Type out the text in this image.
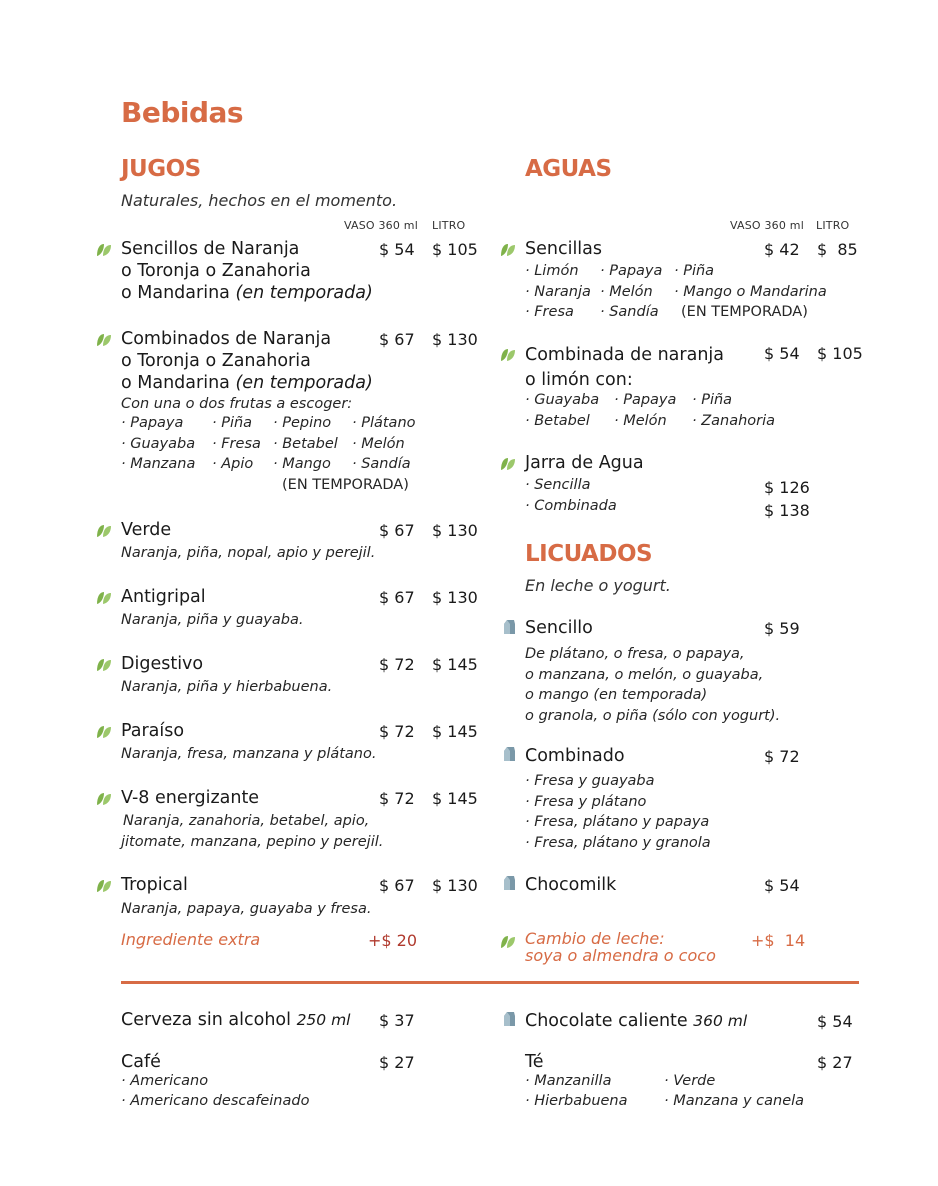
Bebidas
JUGOS
Naturales, hechos en el momento.
VASO 360 ml LITRO
Sencillos de Naranja
o Toronja o Zanahoria
o Mandarina (en temporada)
$ 54 $ 105
Combinados de Naranja
o Toronja o Zanahoria
o Mandarina (en temporada)
$ 67 $ 130
Con una o dos frutas a escoger:
· Papaya · Piña · Pepino · Plátano
· Guayaba · Fresa · Betabel · Melón
· Manzana · Apio · Mango · Sandía
(EN TEMPORADA)
Verde
Naranja, piña, nopal, apio y perejil.
$ 67 $ 130
Antigripal
Naranja, piña y guayaba.
$ 67 $ 130
Digestivo
Naranja, piña y hierbabuena.
$ 72 $ 145
Paraíso
Naranja, fresa, manzana y plátano.
$ 72 $ 145
V-8 energizante
Naranja, zanahoria, betabel, apio,
jitomate, manzana, pepino y perejil.
$ 72 $ 145
Tropical
Naranja, papaya, guayaba y fresa.
$ 67 $ 130
Ingrediente extra	+$ 20
AGUAS
VASO 360 ml LITRO
Sencillas	$ 42 $  85
· Limón · Papaya · Piña
· Naranja · Melón · Mango o Mandarina
· Fresa · Sandía (EN TEMPORADA)
Combinada de naranja
o limón con:
$ 54 $ 105
· Guayaba · Papaya · Piña
· Betabel · Melón · Zanahoria
Jarra de Agua
· Sencilla	$ 126
· Combinada	$ 138
LICUADOS
En leche o yogurt.
Sencillo	$ 59
De plátano, o fresa, o papaya,
o manzana, o melón, o guayaba,
o mango (en temporada)
o granola, o piña (sólo con yogurt).
Combinado	$ 72
· Fresa y guayaba
· Fresa y plátano
· Fresa, plátano y papaya
· Fresa, plátano y granola
Chocomilk	$ 54
Cambio de leche:
soya o almendra o coco
+$  14
Cerveza sin alcohol 250 ml $ 37
Café	$ 27
· Americano
· Americano descafeinado
Chocolate caliente 360 ml	$ 54
Té	$ 27
· Manzanilla	· Verde
· Hierbabuena	· Manzana y canela
